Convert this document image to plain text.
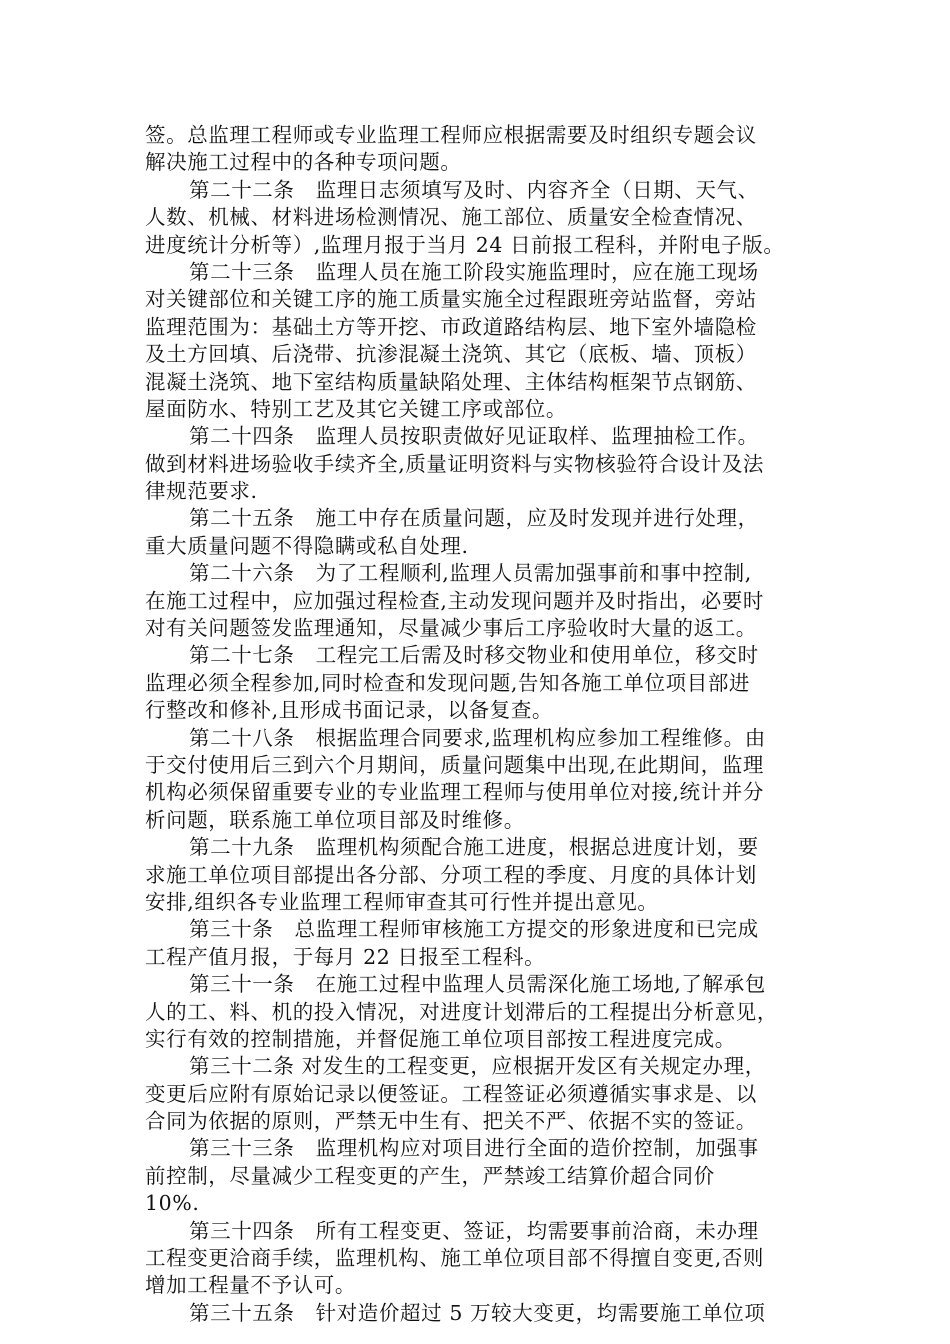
签。总监理工程师或专业监理工程师应根据需要及时组织专题会议
解决施工过程中的各种专项问题。
第二十二条　监理日志须填写及时、内容齐全（日期、天气、
人数、机械、材料进场检测情况、施工部位、质量安全检查情况、
进度统计分析等）,监理月报于当月 24 日前报工程科，并附电子版。
第二十三条　监理人员在施工阶段实施监理时，应在施工现场
对关键部位和关键工序的施工质量实施全过程跟班旁站监督，旁站
监理范围为：基础土方等开挖、市政道路结构层、地下室外墙隐检
及土方回填、后浇带、抗渗混凝土浇筑、其它（底板、墙、顶板）
混凝土浇筑、地下室结构质量缺陷处理、主体结构框架节点钢筋、
屋面防水、特别工艺及其它关键工序或部位。
第二十四条　监理人员按职责做好见证取样、监理抽检工作。
做到材料进场验收手续齐全,质量证明资料与实物核验符合设计及法
律规范要求.
第二十五条　施工中存在质量问题，应及时发现并进行处理，
重大质量问题不得隐瞒或私自处理.
第二十六条　为了工程顺利,监理人员需加强事前和事中控制,
在施工过程中，应加强过程检查,主动发现问题并及时指出，必要时
对有关问题签发监理通知，尽量减少事后工序验收时大量的返工。
第二十七条　工程完工后需及时移交物业和使用单位，移交时
监理必须全程参加,同时检查和发现问题,告知各施工单位项目部进
行整改和修补,且形成书面记录，以备复查。
第二十八条　根据监理合同要求,监理机构应参加工程维修。由
于交付使用后三到六个月期间，质量问题集中出现,在此期间，监理
机构必须保留重要专业的专业监理工程师与使用单位对接,统计并分
析问题，联系施工单位项目部及时维修。
第二十九条　监理机构须配合施工进度，根据总进度计划，要
求施工单位项目部提出各分部、分项工程的季度、月度的具体计划
安排,组织各专业监理工程师审查其可行性并提出意见。
第三十条　总监理工程师审核施工方提交的形象进度和已完成
工程产值月报，于每月 22 日报至工程科。
第三十一条　在施工过程中监理人员需深化施工场地,了解承包
人的工、料、机的投入情况，对进度计划滞后的工程提出分析意见，
实行有效的控制措施，并督促施工单位项目部按工程进度完成。
第三十二条 对发生的工程变更，应根据开发区有关规定办理，
变更后应附有原始记录以便签证。工程签证必须遵循实事求是、以
合同为依据的原则，严禁无中生有、把关不严、依据不实的签证。
第三十三条　监理机构应对项目进行全面的造价控制，加强事
前控制，尽量减少工程变更的产生，严禁竣工结算价超合同价
10%.
第三十四条　所有工程变更、签证，均需要事前洽商，未办理
工程变更洽商手续，监理机构、施工单位项目部不得擅自变更,否则
增加工程量不予认可。
第三十五条　针对造价超过 5 万较大变更，均需要施工单位项
